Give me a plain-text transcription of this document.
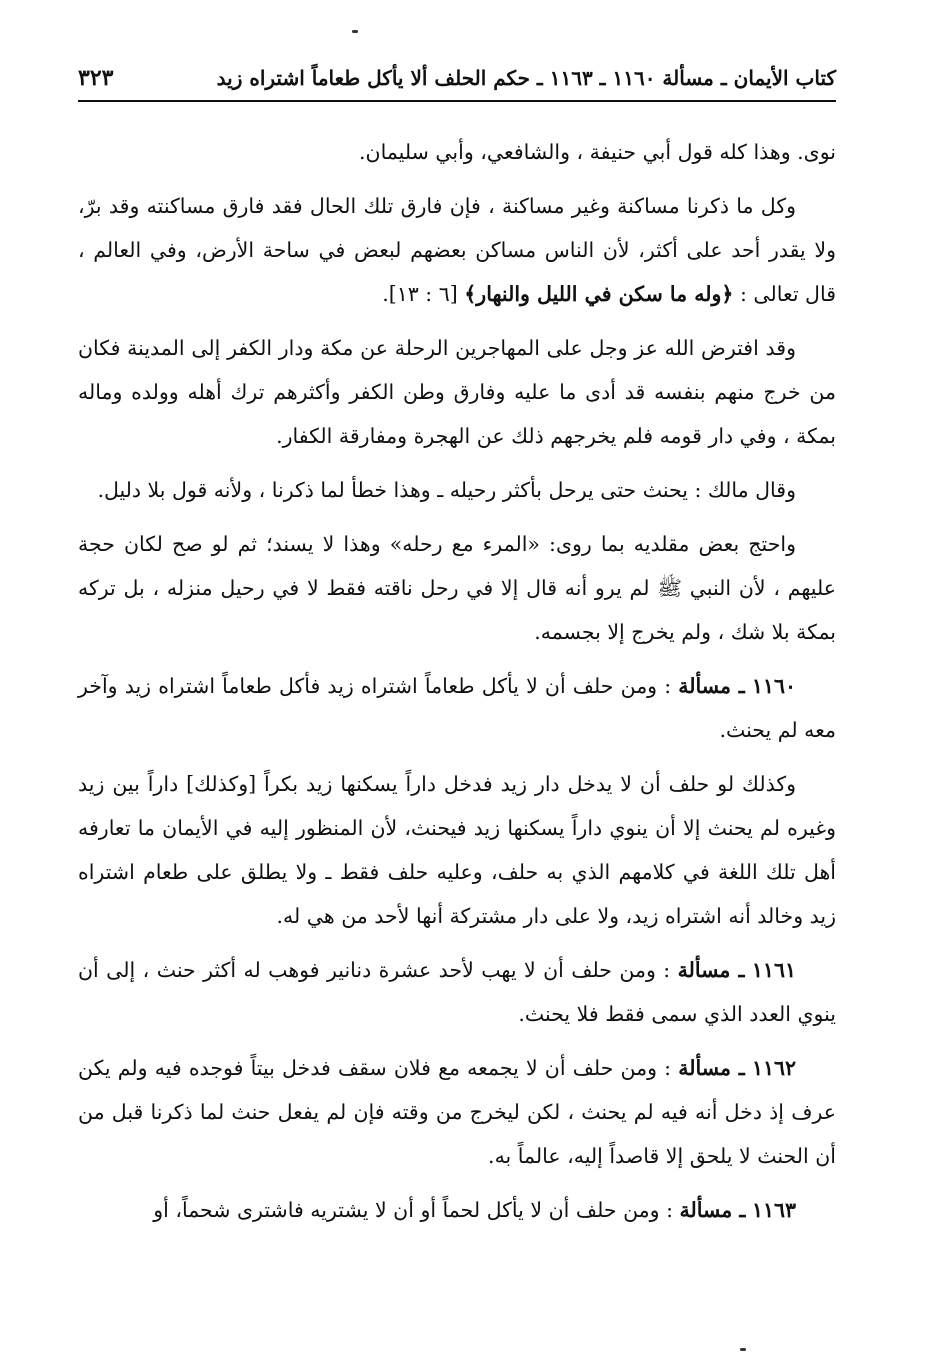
كتاب الأيمان ـ مسألة ١١٦٠ ـ ١١٦٣ ـ حكم الحلف ألا يأكل طعاماً اشتراه زيد
٣٢٣

نوى. وهذا كله قول أبي حنيفة ، والشافعي، وأبي سليمان.

وكل ما ذكرنا مساكنة وغير مساكنة ، فإن فارق تلك الحال فقد فارق مساكنته وقد برّ، ولا يقدر أحد على أكثر، لأن الناس مساكن بعضهم لبعض في ساحة الأرض، وفي العالم ، قال تعالى : ﴿وله ما سكن في الليل والنهار﴾ [٦ : ١٣].

وقد افترض الله عز وجل على المهاجرين الرحلة عن مكة ودار الكفر إلى المدينة فكان من خرج منهم بنفسه قد أدى ما عليه وفارق وطن الكفر وأكثرهم ترك أهله وولده وماله بمكة ، وفي دار قومه فلم يخرجهم ذلك عن الهجرة ومفارقة الكفار.

وقال مالك : يحنث حتى يرحل بأكثر رحيله ـ وهذا خطأ لما ذكرنا ، ولأنه قول بلا دليل.

واحتج بعض مقلديه بما روى: «المرء مع رحله» وهذا لا يسند؛ ثم لو صح لكان حجة عليهم ، لأن النبي ﷺ لم يرو أنه قال إلا في رحل ناقته فقط لا في رحيل منزله ، بل تركه بمكة بلا شك ، ولم يخرج إلا بجسمه.

١١٦٠ ـ مسألة : ومن حلف أن لا يأكل طعاماً اشتراه زيد فأكل طعاماً اشتراه زيد وآخر معه لم يحنث.

وكذلك لو حلف أن لا يدخل دار زيد فدخل داراً يسكنها زيد بكراً [وكذلك] داراً بين زيد وغيره لم يحنث إلا أن ينوي داراً يسكنها زيد فيحنث، لأن المنظور إليه في الأيمان ما تعارفه أهل تلك اللغة في كلامهم الذي به حلف، وعليه حلف فقط ـ ولا يطلق على طعام اشتراه زيد وخالد أنه اشتراه زيد، ولا على دار مشتركة أنها لأحد من هي له.

١١٦١ ـ مسألة : ومن حلف أن لا يهب لأحد عشرة دنانير فوهب له أكثر حنث ، إلى أن ينوي العدد الذي سمى فقط فلا يحنث.

١١٦٢ ـ مسألة : ومن حلف أن لا يجمعه مع فلان سقف فدخل بيتاً فوجده فيه ولم يكن عرف إذ دخل أنه فيه لم يحنث ، لكن ليخرج من وقته فإن لم يفعل حنث لما ذكرنا قبل من أن الحنث لا يلحق إلا قاصداً إليه، عالماً به.

١١٦٣ ـ مسألة : ومن حلف أن لا يأكل لحماً أو أن لا يشتريه فاشترى شحماً، أو
